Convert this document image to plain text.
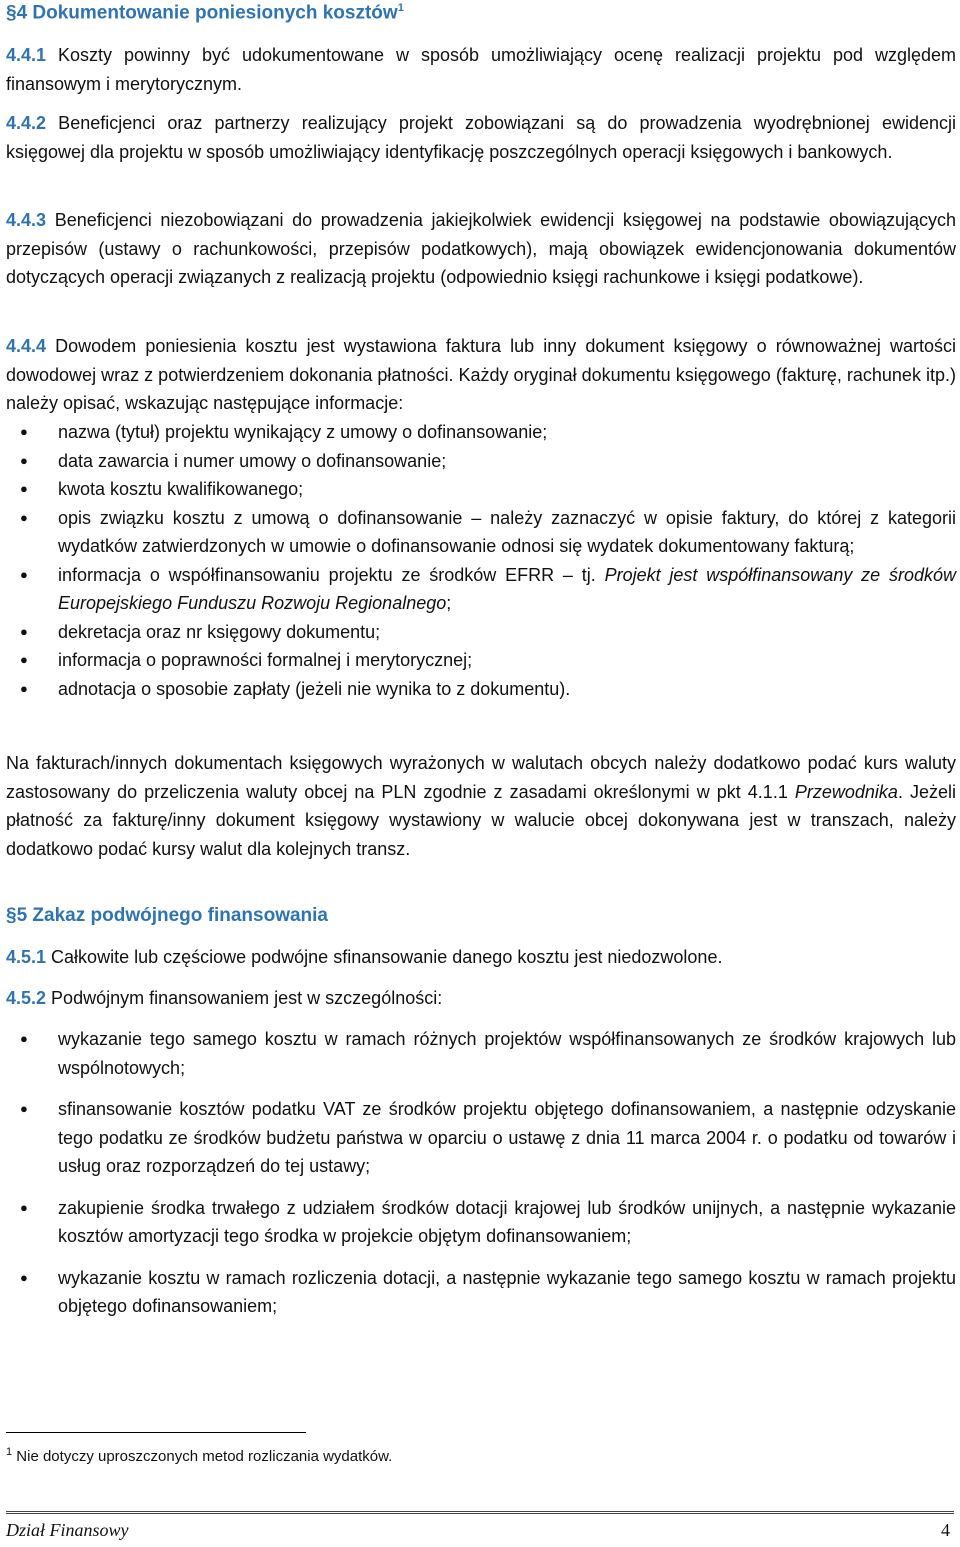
§4 Dokumentowanie poniesionych kosztów$^1$
4.4.1 Koszty powinny być udokumentowane w sposób umożliwiający ocenę realizacji projektu pod względem finansowym i merytorycznym.
4.4.2 Beneficjenci oraz partnerzy realizujący projekt zobowiązani są do prowadzenia wyodrębnionej ewidencji księgowej dla projektu w sposób umożliwiający identyfikację poszczególnych operacji księgowych i bankowych.
4.4.3 Beneficjenci niezobowiązani do prowadzenia jakiejkolwiek ewidencji księgowej na podstawie obowiązujących przepisów (ustawy o rachunkowości, przepisów podatkowych), mają obowiązek ewidencjonowania dokumentów dotyczących operacji związanych z realizacją projektu (odpowiednio księgi rachunkowe i księgi podatkowe).
4.4.4 Dowodem poniesienia kosztu jest wystawiona faktura lub inny dokument księgowy o równoważnej wartości dowodowej wraz z potwierdzeniem dokonania płatności. Każdy oryginał dokumentu księgowego (fakturę, rachunek itp.) należy opisać, wskazując następujące informacje:
● nazwa (tytuł) projektu wynikający z umowy o dofinansowanie;
● data zawarcia i numer umowy o dofinansowanie;
● kwota kosztu kwalifikowanego;
● opis związku kosztu z umową o dofinansowanie – należy zaznaczyć w opisie faktury, do której z kategorii wydatków zatwierdzonych w umowie o dofinansowanie odnosi się wydatek dokumentowany fakturą;
● informacja o współfinansowaniu projektu ze środków EFRR – tj. Projekt jest współfinansowany ze środków Europejskiego Funduszu Rozwoju Regionalnego;
● dekretacja oraz nr księgowy dokumentu;
● informacja o poprawności formalnej i merytorycznej;
● adnotacja o sposobie zapłaty (jeżeli nie wynika to z dokumentu).
Na fakturach/innych dokumentach księgowych wyrażonych w walutach obcych należy dodatkowo podać kurs waluty zastosowany do przeliczenia waluty obcej na PLN zgodnie z zasadami określonymi w pkt 4.1.1 Przewodnika. Jeżeli płatność za fakturę/inny dokument księgowy wystawiony w walucie obcej dokonywana jest w transzach, należy dodatkowo podać kursy walut dla kolejnych transz.
§5 Zakaz podwójnego finansowania
4.5.1 Całkowite lub częściowe podwójne sfinansowanie danego kosztu jest niedozwolone.
4.5.2 Podwójnym finansowaniem jest w szczególności:
● wykazanie tego samego kosztu w ramach różnych projektów współfinansowanych ze środków krajowych lub wspólnotowych;
● sfinansowanie kosztów podatku VAT ze środków projektu objętego dofinansowaniem, a następnie odzyskanie tego podatku ze środków budżetu państwa w oparciu o ustawę z dnia 11 marca 2004 r. o podatku od towarów i usług oraz rozporządzeń do tej ustawy;
● zakupienie środka trwałego z udziałem środków dotacji krajowej lub środków unijnych, a następnie wykazanie kosztów amortyzacji tego środka w projekcie objętym dofinansowaniem;
● wykazanie kosztu w ramach rozliczenia dotacji, a następnie wykazanie tego samego kosztu w ramach projektu objętego dofinansowaniem;
$^1$ Nie dotyczy uproszczonych metod rozliczania wydatków.
Dział Finansowy	4
